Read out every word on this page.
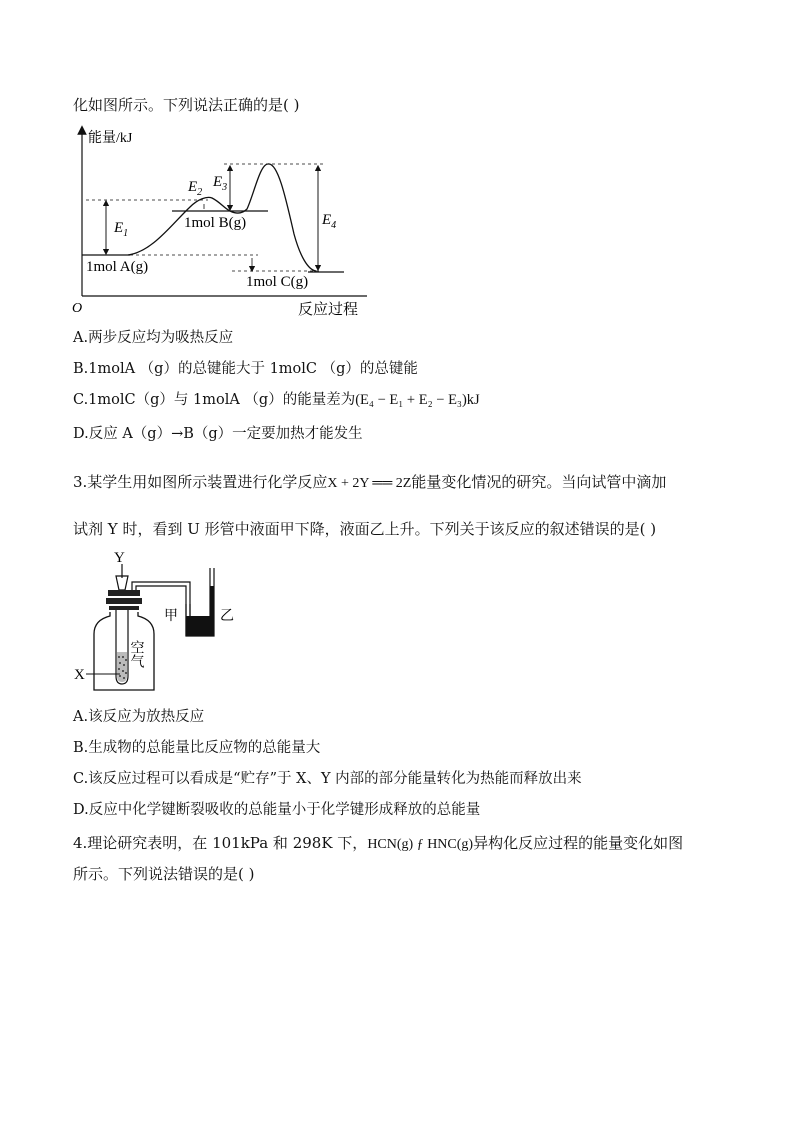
化如图所示。下列说法正确的是( )
能量/kJ
O	反应过程
$E_1$
$E_2$
$E_3$
$E_4$
1mol A(g)
1mol B(g)
1mol C(g)
A.两步反应均为吸热反应
B.1molA （g）的总键能大于 1molC （g）的总键能
C.1molC（g）与 1molA （g）的能量差为(E₄ − E₁ + E₂ − E₃)kJ
D.反应 A（g）→B（g）一定要加热才能发生
3.某学生用如图所示装置进行化学反应X + 2Y ══ 2Z能量变化情况的研究。当向试管中滴加
试剂 Y 时，看到 U 形管中液面甲下降，液面乙上升。下列关于该反应的叙述错误的是( )
Y
甲	乙
空气
X
A.该反应为放热反应
B.生成物的总能量比反应物的总能量大
C.该反应过程可以看成是“贮存”于 X、Y 内部的部分能量转化为热能而释放出来
D.反应中化学键断裂吸收的总能量小于化学键形成释放的总能量
4.理论研究表明，在 101kPa 和 298K 下，HCN(g) ƒ HNC(g)异构化反应过程的能量变化如图
所示。下列说法错误的是( )
